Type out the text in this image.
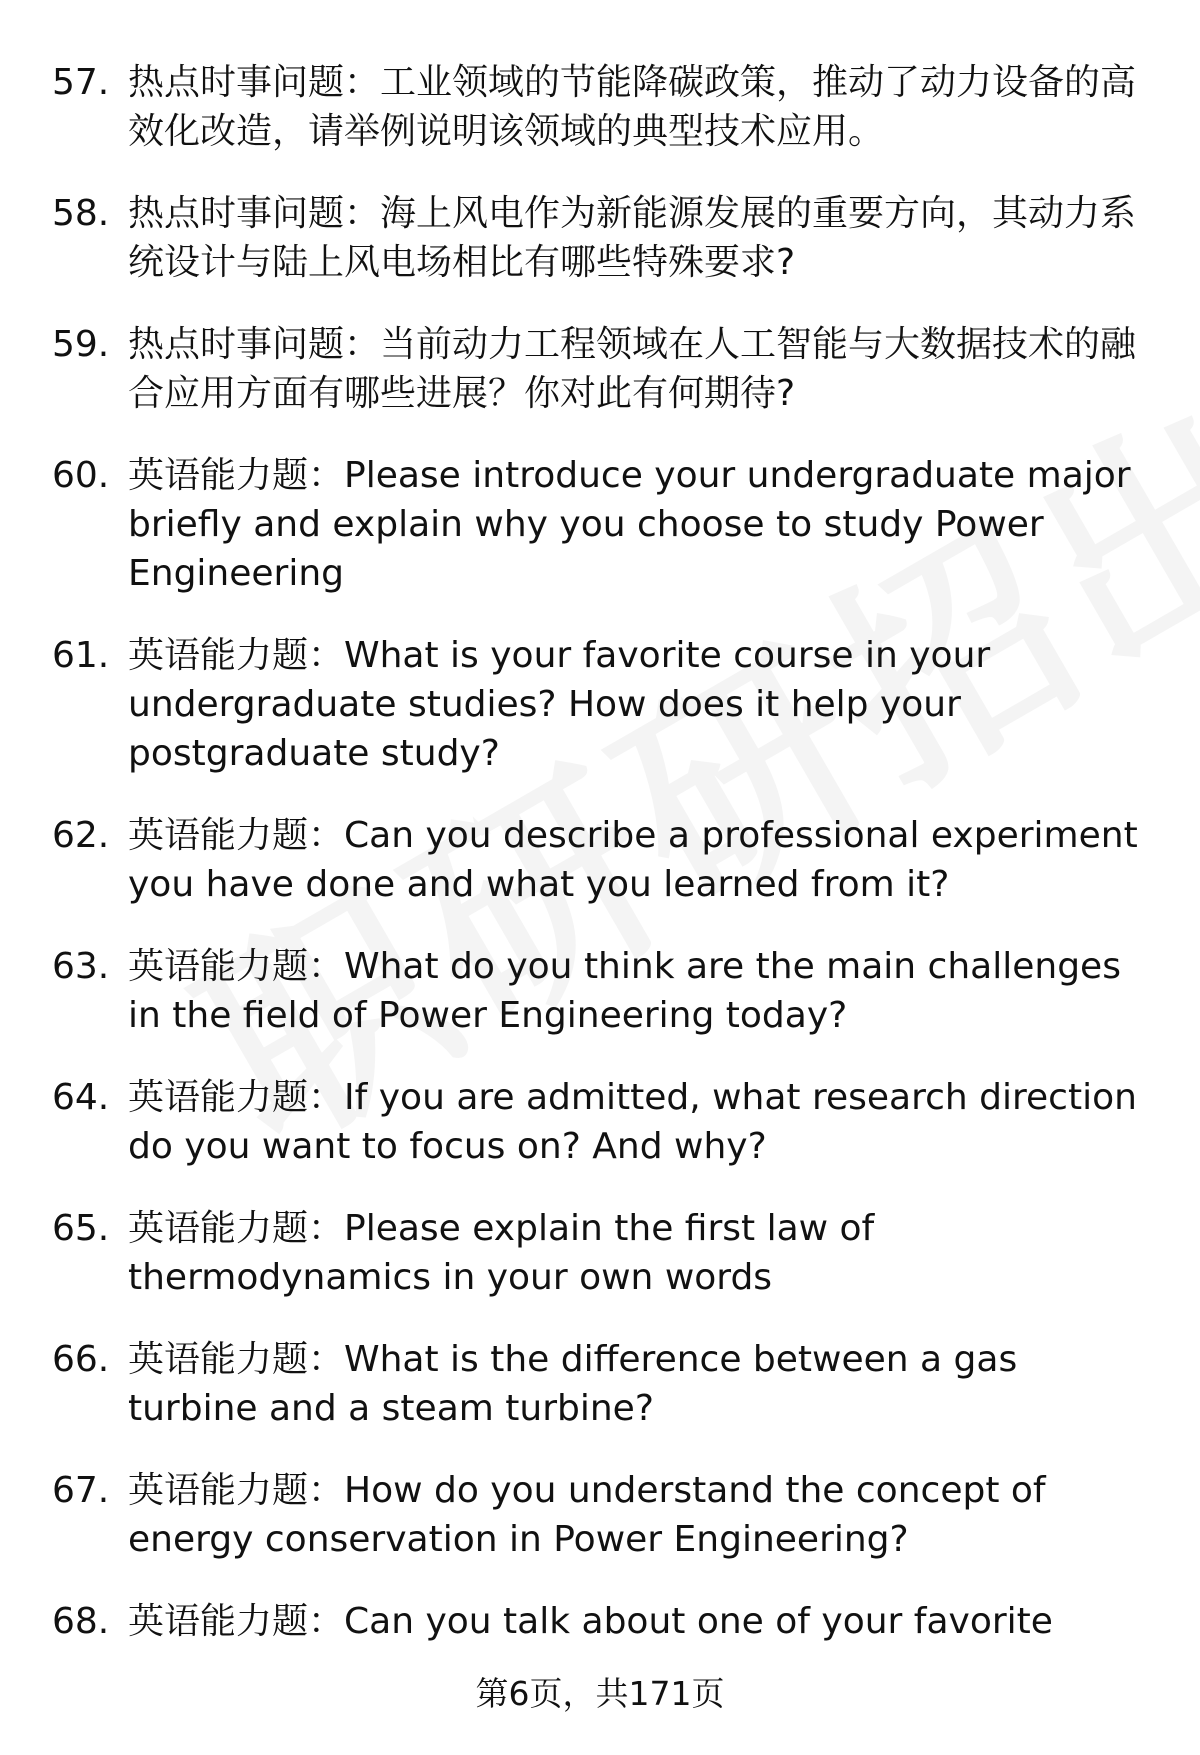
57. 热点时事问题：工业领域的节能降碳政策，推动了动力设备的高效化改造，请举例说明该领域的典型技术应用。
58. 热点时事问题：海上风电作为新能源发展的重要方向，其动力系统设计与陆上风电场相比有哪些特殊要求?
59. 热点时事问题：当前动力工程领域在人工智能与大数据技术的融合应用方面有哪些进展？你对此有何期待?
60. 英语能力题：Please introduce your undergraduate major briefly and explain why you choose to study Power Engineering
61. 英语能力题：What is your favorite course in your undergraduate studies? How does it help your postgraduate study?
62. 英语能力题：Can you describe a professional experiment you have done and what you learned from it?
63. 英语能力题：What do you think are the main challenges in the field of Power Engineering today?
64. 英语能力题：If you are admitted, what research direction do you want to focus on? And why?
65. 英语能力题：Please explain the first law of thermodynamics in your own words
66. 英语能力题：What is the difference between a gas turbine and a steam turbine?
67. 英语能力题：How do you understand the concept of energy conservation in Power Engineering?
68. 英语能力题：Can you talk about one of your favorite
第6页，共171页
